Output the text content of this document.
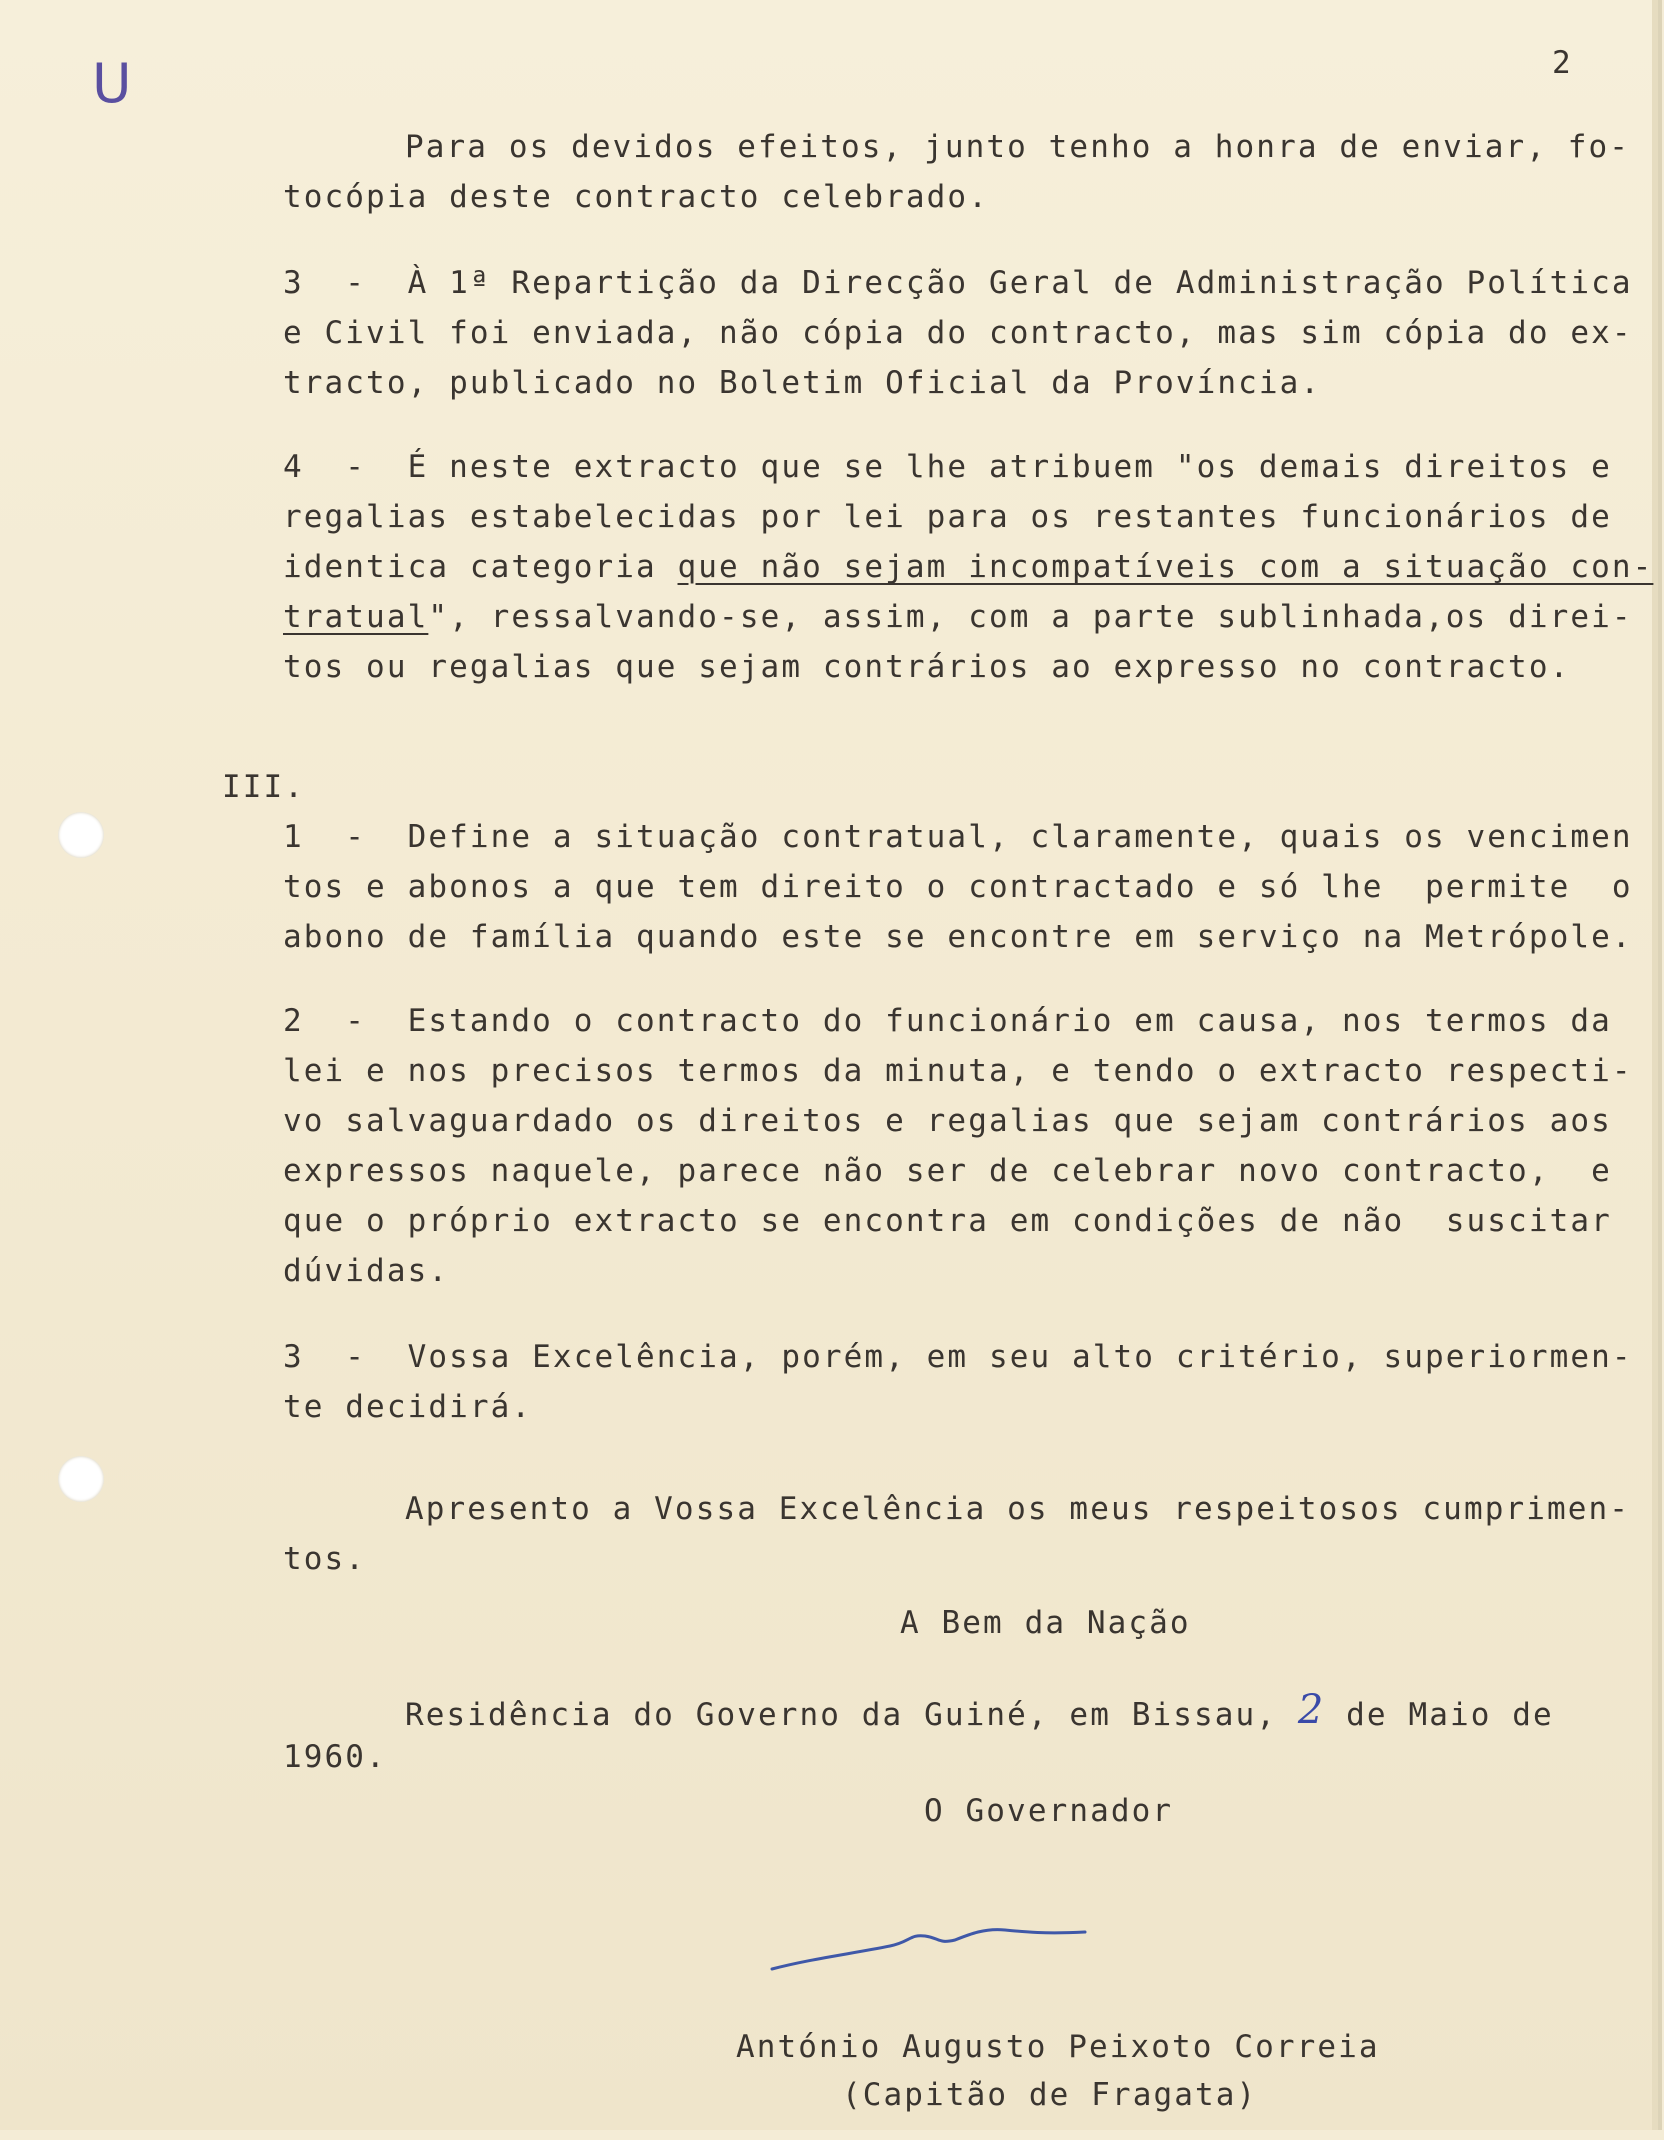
U	2
Para os devidos efeitos, junto tenho a honra de enviar, fo-
tocópia deste contracto celebrado.
3  -  À 1ª Repartição da Direcção Geral de Administração Política
e Civil foi enviada, não cópia do contracto, mas sim cópia do ex-
tracto, publicado no Boletim Oficial da Província.
4  -  É neste extracto que se lhe atribuem "os demais direitos e
regalias estabelecidas por lei para os restantes funcionários de
identica categoria que não sejam incompatíveis com a situação con-
tratual", ressalvando-se, assim, com a parte sublinhada,os direi-
tos ou regalias que sejam contrários ao expresso no contracto.
III.
1  -  Define a situação contratual, claramente, quais os vencimen
tos e abonos a que tem direito o contractado e só lhe  permite  o
abono de família quando este se encontre em serviço na Metrópole.
2  -  Estando o contracto do funcionário em causa, nos termos da
lei e nos precisos termos da minuta, e tendo o extracto respecti-
vo salvaguardado os direitos e regalias que sejam contrários aos
expressos naquele, parece não ser de celebrar novo contracto,  e
que o próprio extracto se encontra em condições de não  suscitar
dúvidas.
3  -  Vossa Excelência, porém, em seu alto critério, superiormen-
te decidirá.
Apresento a Vossa Excelência os meus respeitosos cumprimen-
tos.
A Bem da Nação
Residência do Governo da Guiné, em Bissau, 2 de Maio de
1960.
O Governador
António Augusto Peixoto Correia
(Capitão de Fragata)
